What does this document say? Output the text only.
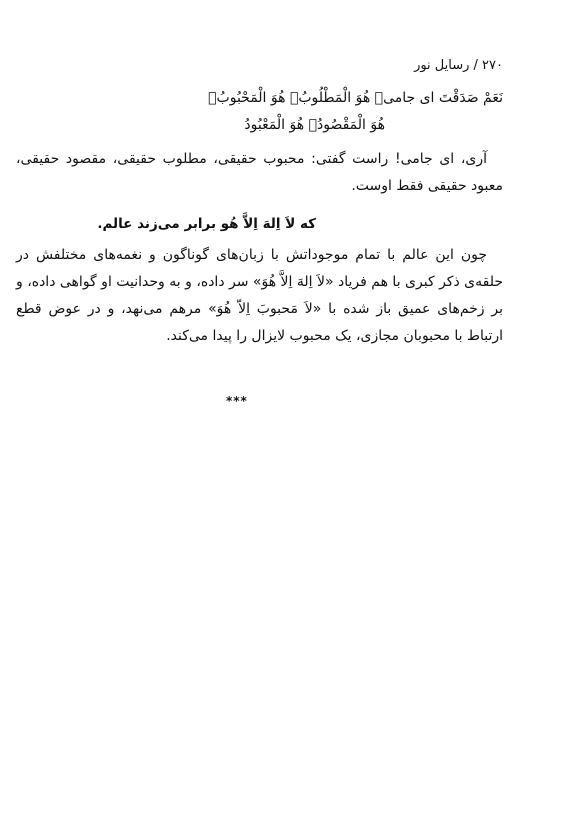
۲۷۰ / رسایل نور
نَعَمْ صَدَقْتَ ای جامیؐ هُوَ الْمَطْلُوبُؐ هُوَ الْمَحْبُوبُؐ
هُوَ الْمَقْصُودُؐ هُوَ الْمَعْبُودُ

آری، ای جامی! راست گفتی: محبوب حقیقی، مطلوب حقیقی، مقصود حقیقی، معبود حقیقی فقط اوست.

که لاَ اِلهَ اِلاَّ هُو برابر می‌زند عالم.

چون این عالم با تمام موجوداتش با زبان‌های گوناگون و نغمه‌های مختلفش در حلقه‌ی ذکر کبری با هم فریاد «لاَ اِلهَ اِلاَّ هُوَ» سر داده، و به وحدانیت او گواهی داده، و بر زخم‌های عمیق باز شده با «لاَ مَحبوبَ اِلاّ هُوَ» مرهم می‌نهد، و در عوض قطع ارتباط با محبوبان مجازی، یک محبوب لایزال را پیدا می‌کند.

***
